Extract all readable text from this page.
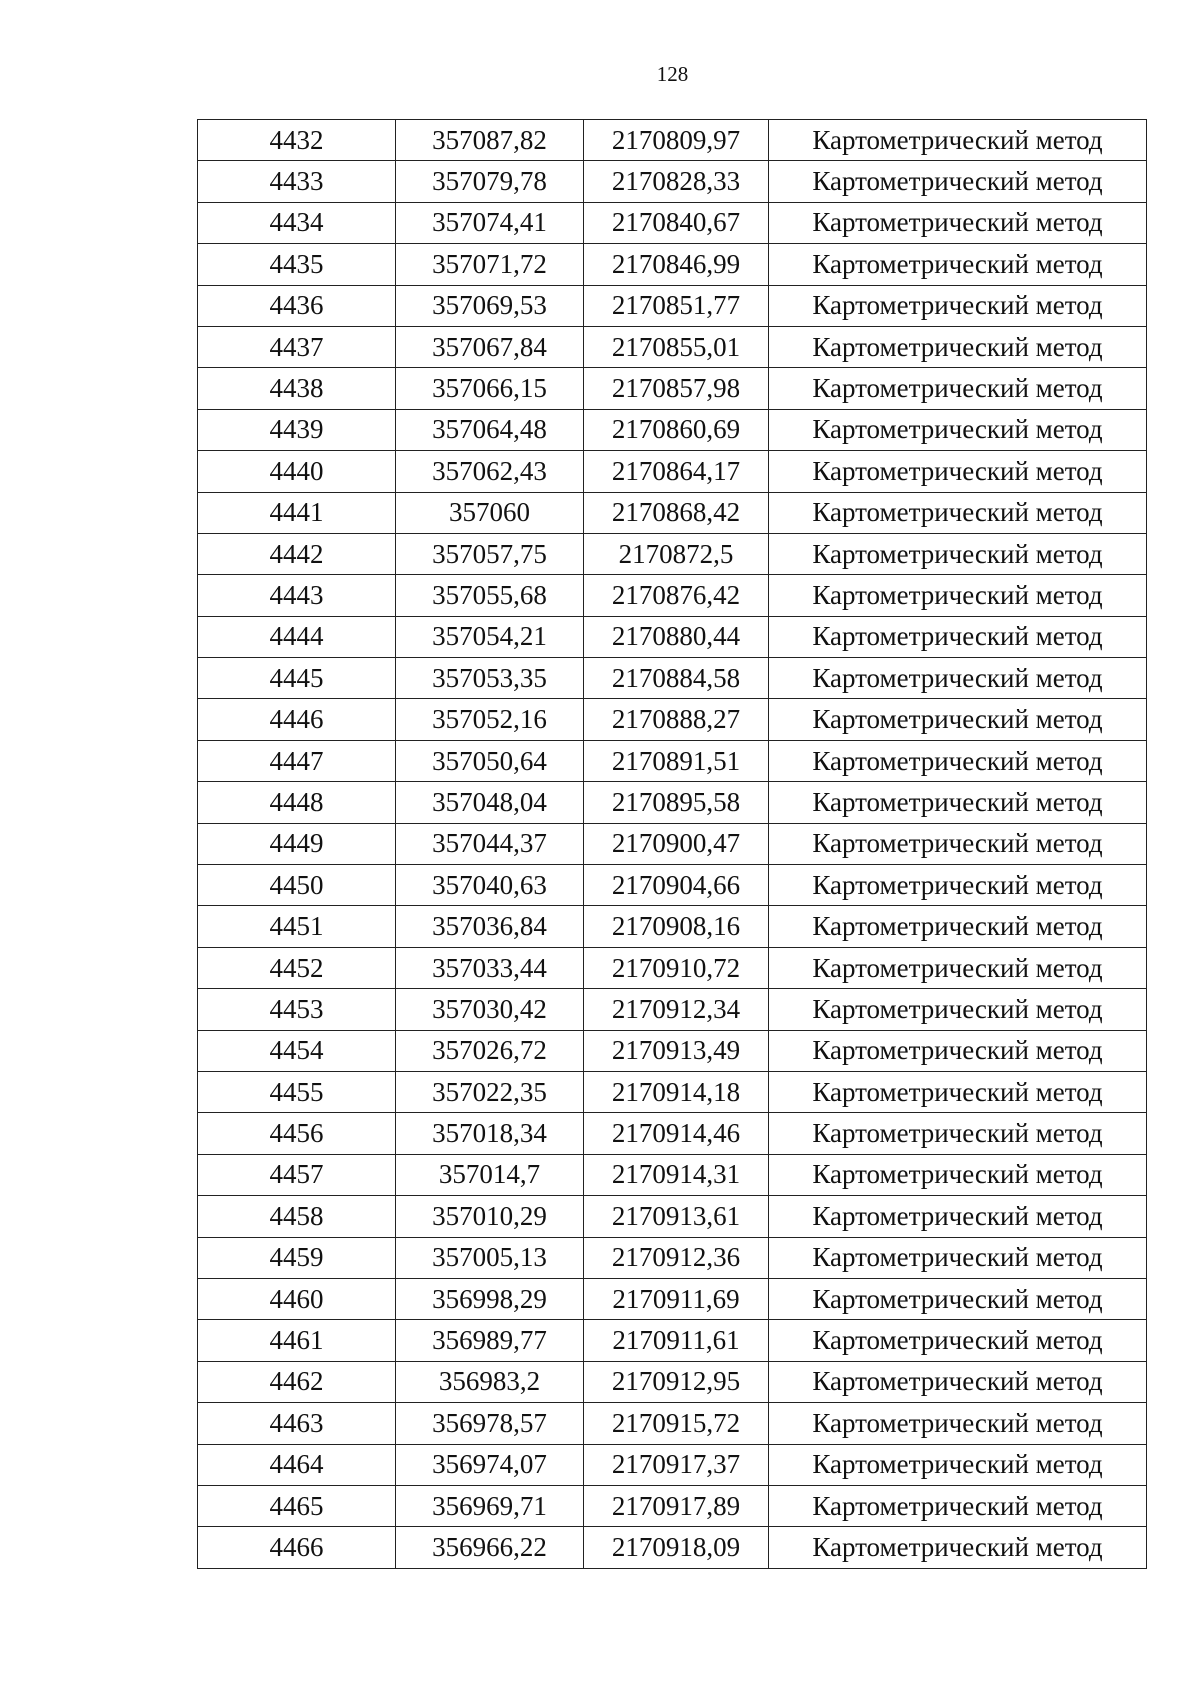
128
4432	357087,82	2170809,97	Картометрический метод
4433	357079,78	2170828,33	Картометрический метод
4434	357074,41	2170840,67	Картометрический метод
4435	357071,72	2170846,99	Картометрический метод
4436	357069,53	2170851,77	Картометрический метод
4437	357067,84	2170855,01	Картометрический метод
4438	357066,15	2170857,98	Картометрический метод
4439	357064,48	2170860,69	Картометрический метод
4440	357062,43	2170864,17	Картометрический метод
4441	357060	2170868,42	Картометрический метод
4442	357057,75	2170872,5	Картометрический метод
4443	357055,68	2170876,42	Картометрический метод
4444	357054,21	2170880,44	Картометрический метод
4445	357053,35	2170884,58	Картометрический метод
4446	357052,16	2170888,27	Картометрический метод
4447	357050,64	2170891,51	Картометрический метод
4448	357048,04	2170895,58	Картометрический метод
4449	357044,37	2170900,47	Картометрический метод
4450	357040,63	2170904,66	Картометрический метод
4451	357036,84	2170908,16	Картометрический метод
4452	357033,44	2170910,72	Картометрический метод
4453	357030,42	2170912,34	Картометрический метод
4454	357026,72	2170913,49	Картометрический метод
4455	357022,35	2170914,18	Картометрический метод
4456	357018,34	2170914,46	Картометрический метод
4457	357014,7	2170914,31	Картометрический метод
4458	357010,29	2170913,61	Картометрический метод
4459	357005,13	2170912,36	Картометрический метод
4460	356998,29	2170911,69	Картометрический метод
4461	356989,77	2170911,61	Картометрический метод
4462	356983,2	2170912,95	Картометрический метод
4463	356978,57	2170915,72	Картометрический метод
4464	356974,07	2170917,37	Картометрический метод
4465	356969,71	2170917,89	Картометрический метод
4466	356966,22	2170918,09	Картометрический метод
